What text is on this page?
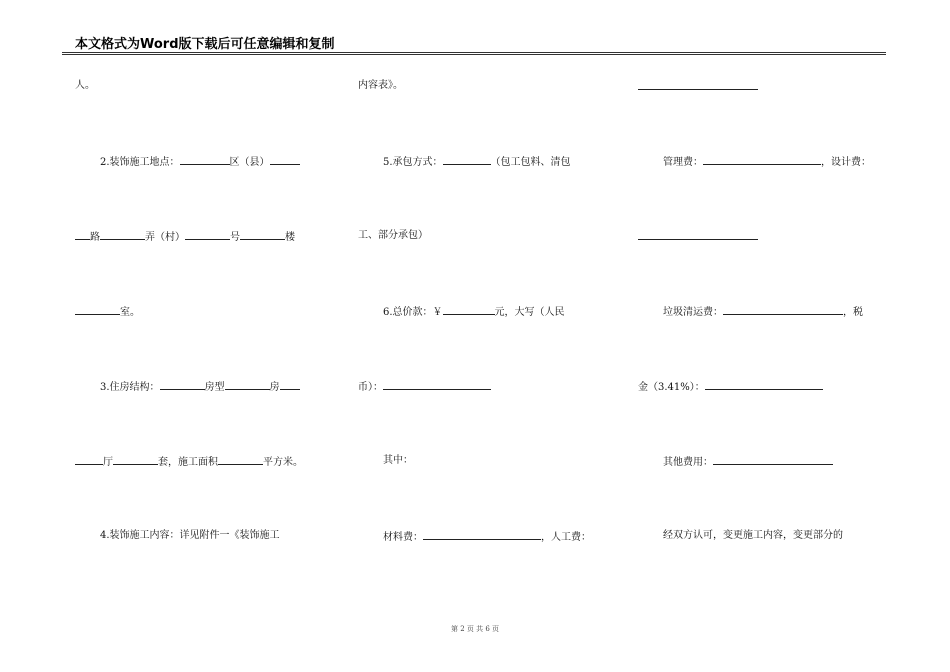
本文格式为Word版下载后可任意编辑和复制
人。
2.装饰施工地点：	区（县）
路	弄（村）	号	楼
室。
3.住房结构：	房型	房
厅	套，施工面积	平方米。
4.装饰施工内容：详见附件一《装饰施工
内容表》。
5.承包方式：	（包工包料、清包
工、部分承包）
6.总价款：￥	元，大写（人民
币）：
其中：
材料费：	，人工费：
管理费：	，设计费：
垃圾清运费：	，税
金（3.41%）：
其他费用：
经双方认可，变更施工内容，变更部分的
第 2 页 共 6 页
